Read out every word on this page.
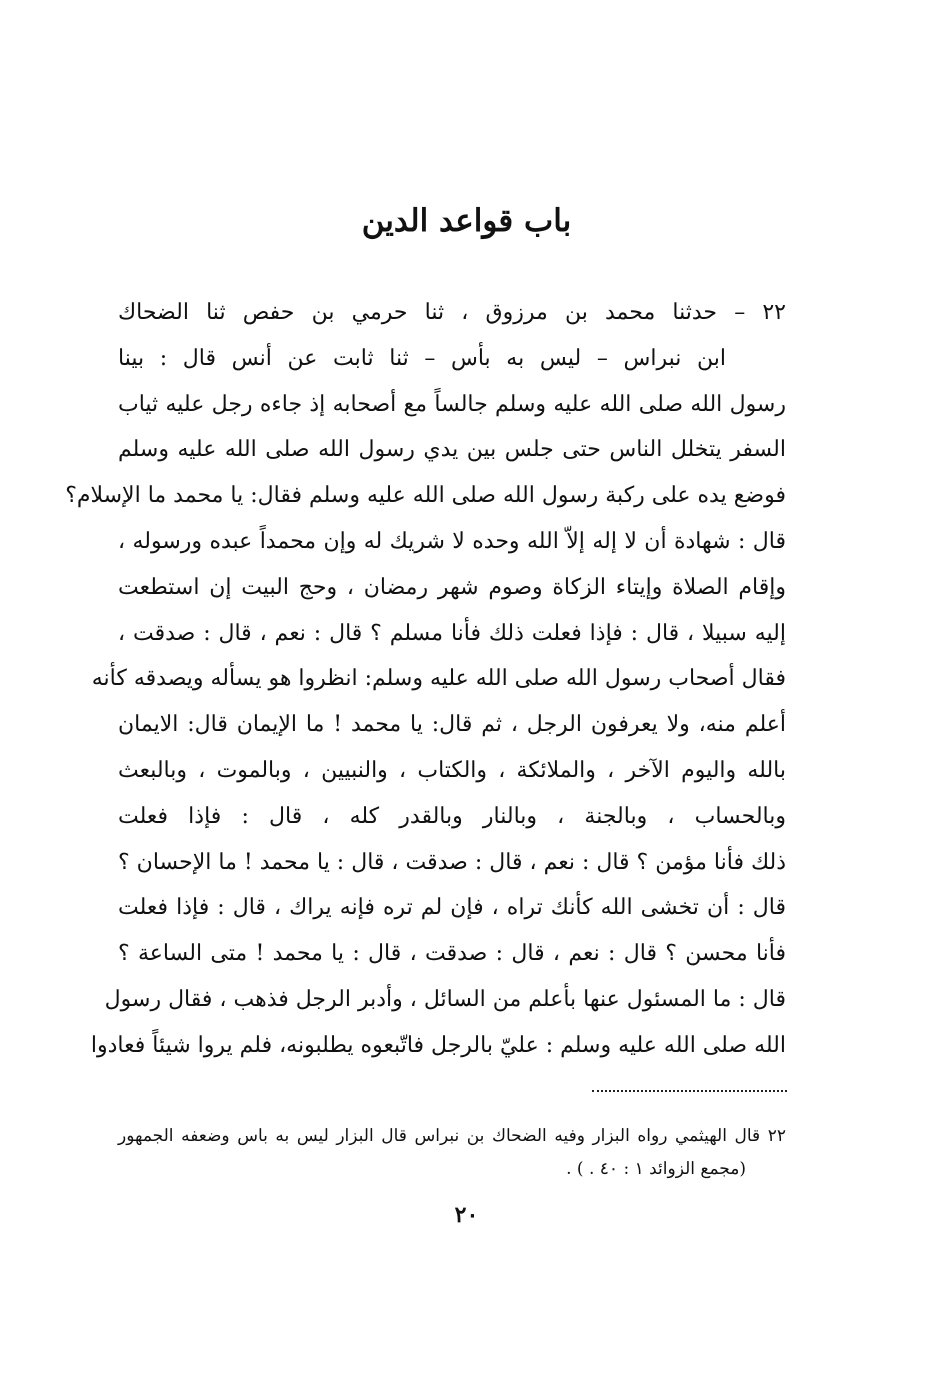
باب قواعد الدين
٢٢ – حدثنا محمد بن مرزوق ، ثنا حرمي بن حفص ثنا الضحاك
ابن نبراس – ليس به بأس – ثنا ثابت عن أنس قال : بينا
رسول الله صلى الله عليه وسلم جالساً مع أصحابه إذ جاءه رجل عليه ثياب
السفر يتخلل الناس حتى جلس بين يدي رسول الله صلى الله عليه وسلم
فوضع يده على ركبة رسول الله صلى الله عليه وسلم فقال: يا محمد ما الإسلام؟
قال : شهادة أن لا إله إلاّ الله وحده لا شريك له وإن محمداً عبده ورسوله ،
وإقام الصلاة وإيتاء الزكاة وصوم شهر رمضان ، وحج البيت إن استطعت
إليه سبيلا ، قال : فإذا فعلت ذلك فأنا مسلم ؟ قال : نعم ، قال : صدقت ،
فقال أصحاب رسول الله صلى الله عليه وسلم: انظروا هو يسأله ويصدقه كأنه
أعلم منه، ولا يعرفون الرجل ، ثم قال: يا محمد ! ما الإيمان قال: الايمان
بالله واليوم الآخر ، والملائكة ، والكتاب ، والنبيين ، وبالموت ، وبالبعث
وبالحساب ، وبالجنة ، وبالنار وبالقدر كله ، قال : فإذا فعلت
ذلك فأنا مؤمن ؟ قال : نعم ، قال : صدقت ، قال : يا محمد ! ما الإحسان ؟
قال : أن تخشى الله كأنك تراه ، فإن لم تره فإنه يراك ، قال : فإذا فعلت
فأنا محسن ؟ قال : نعم ، قال : صدقت ، قال : يا محمد ! متى الساعة ؟
قال : ما المسئول عنها بأعلم من السائل ، وأدبر الرجل فذهب ، فقال رسول
الله صلى الله عليه وسلم : عليّ بالرجل فاتّبعوه يطلبونه، فلم يروا شيئاً فعادوا
٢٢ قال الهيثمي رواه البزار وفيه الضحاك بن نبراس قال البزار ليس به باس وضعفه الجمهور
(مجمع الزوائد ١ : ٤٠ . ) .
٢٠
